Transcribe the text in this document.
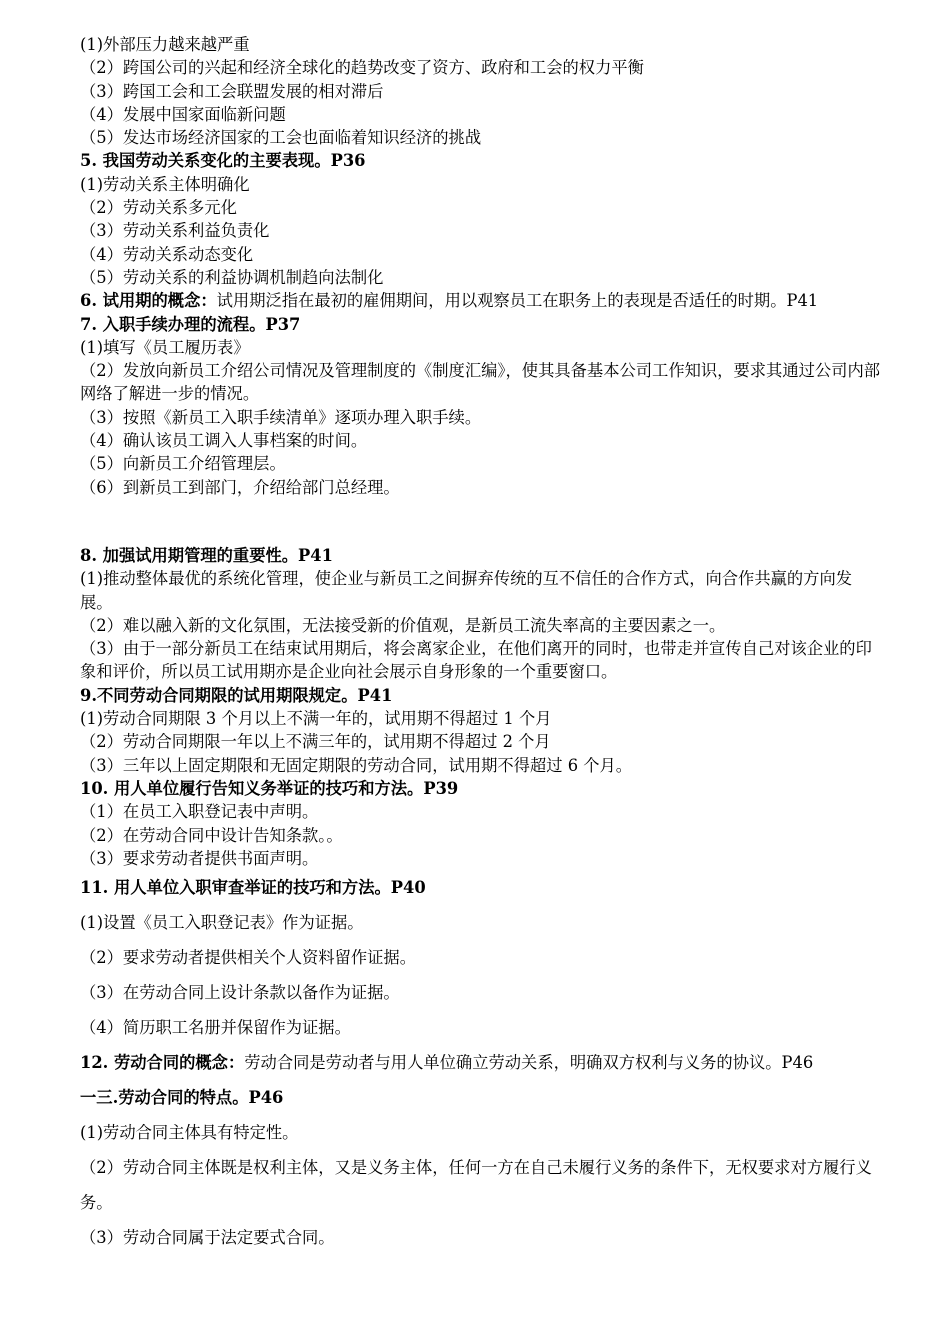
(1)外部压力越来越严重
（2）跨国公司的兴起和经济全球化的趋势改变了资方、政府和工会的权力平衡
（3）跨国工会和工会联盟发展的相对滞后
（4）发展中国家面临新问题
（5）发达市场经济国家的工会也面临着知识经济的挑战
5. 我国劳动关系变化的主要表现。P36
(1)劳动关系主体明确化
（2）劳动关系多元化
（3）劳动关系利益负责化
（4）劳动关系动态变化
（5）劳动关系的利益协调机制趋向法制化
6. 试用期的概念：试用期泛指在最初的雇佣期间，用以观察员工在职务上的表现是否适任的时期。P41
7. 入职手续办理的流程。P37
(1)填写《员工履历表》
（2）发放向新员工介绍公司情况及管理制度的《制度汇编》，使其具备基本公司工作知识，要求其通过公司内部网络了解进一步的情况。
（3）按照《新员工入职手续清单》逐项办理入职手续。
（4）确认该员工调入人事档案的时间。
（5）向新员工介绍管理层。
（6）到新员工到部门，介绍给部门总经理。
8. 加强试用期管理的重要性。P41
(1)推动整体最优的系统化管理，使企业与新员工之间摒弃传统的互不信任的合作方式，向合作共赢的方向发展。
（2）难以融入新的文化氛围，无法接受新的价值观，是新员工流失率高的主要因素之一。
（3）由于一部分新员工在结束试用期后，将会离家企业，在他们离开的同时，也带走并宣传自己对该企业的印象和评价，所以员工试用期亦是企业向社会展示自身形象的一个重要窗口。
9.不同劳动合同期限的试用期限规定。P41
(1)劳动合同期限 3 个月以上不满一年的，试用期不得超过 1 个月
（2）劳动合同期限一年以上不满三年的，试用期不得超过 2 个月
（3）三年以上固定期限和无固定期限的劳动合同，试用期不得超过 6 个月。
10. 用人单位履行告知义务举证的技巧和方法。P39
（1）在员工入职登记表中声明。
（2）在劳动合同中设计告知条款。。
（3）要求劳动者提供书面声明。
11. 用人单位入职审查举证的技巧和方法。P40
(1)设置《员工入职登记表》作为证据。
（2）要求劳动者提供相关个人资料留作证据。
（3）在劳动合同上设计条款以备作为证据。
（4）简历职工名册并保留作为证据。
12. 劳动合同的概念：劳动合同是劳动者与用人单位确立劳动关系，明确双方权利与义务的协议。P46
一三.劳动合同的特点。P46
(1)劳动合同主体具有特定性。
（2）劳动合同主体既是权利主体，又是义务主体，任何一方在自己未履行义务的条件下，无权要求对方履行义务。
（3）劳动合同属于法定要式合同。
